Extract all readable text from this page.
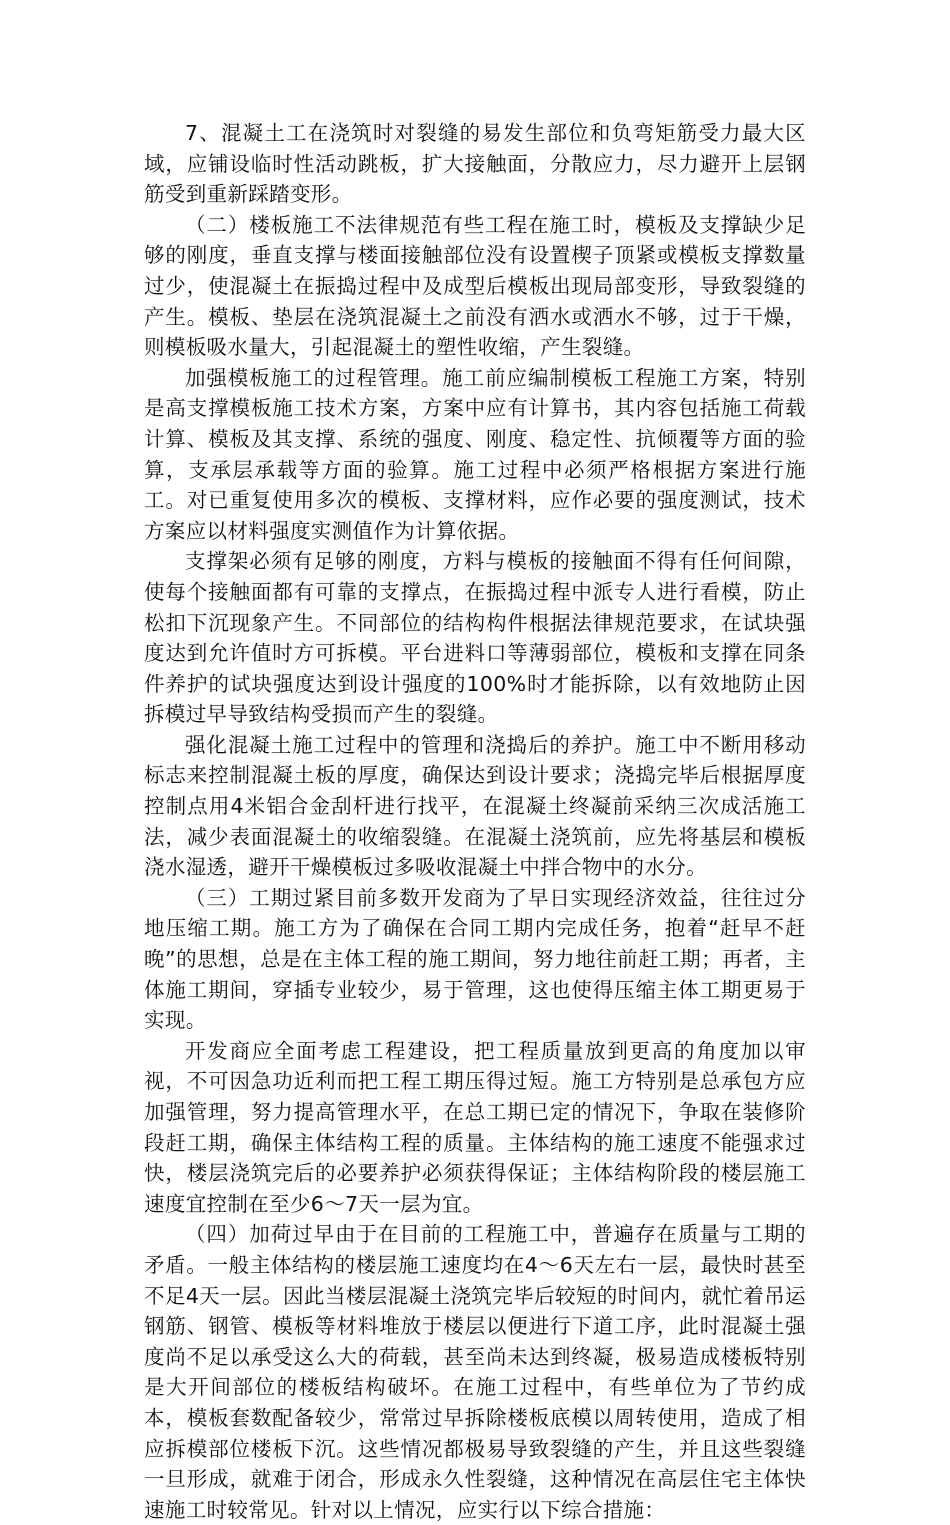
7、混凝土工在浇筑时对裂缝的易发生部位和负弯矩筋受力最大区域，应铺设临时性活动跳板，扩大接触面，分散应力，尽力避开上层钢筋受到重新踩踏变形。

（二）楼板施工不法律规范有些工程在施工时，模板及支撑缺少足够的刚度，垂直支撑与楼面接触部位没有设置楔子顶紧或模板支撑数量过少，使混凝土在振捣过程中及成型后模板出现局部变形，导致裂缝的产生。模板、垫层在浇筑混凝土之前没有洒水或洒水不够，过于干燥，则模板吸水量大，引起混凝土的塑性收缩，产生裂缝。

加强模板施工的过程管理。施工前应编制模板工程施工方案，特别是高支撑模板施工技术方案，方案中应有计算书，其内容包括施工荷载计算、模板及其支撑、系统的强度、刚度、稳定性、抗倾覆等方面的验算，支承层承载等方面的验算。施工过程中必须严格根据方案进行施工。对已重复使用多次的模板、支撑材料，应作必要的强度测试，技术方案应以材料强度实测值作为计算依据。

支撑架必须有足够的刚度，方料与模板的接触面不得有任何间隙，使每个接触面都有可靠的支撑点，在振捣过程中派专人进行看模，防止松扣下沉现象产生。不同部位的结构构件根据法律规范要求，在试块强度达到允许值时方可拆模。平台进料口等薄弱部位，模板和支撑在同条件养护的试块强度达到设计强度的100%时才能拆除，以有效地防止因拆模过早导致结构受损而产生的裂缝。

强化混凝土施工过程中的管理和浇捣后的养护。施工中不断用移动标志来控制混凝土板的厚度，确保达到设计要求；浇捣完毕后根据厚度控制点用4米铝合金刮杆进行找平，在混凝土终凝前采纳三次成活施工法，减少表面混凝土的收缩裂缝。在混凝土浇筑前，应先将基层和模板浇水湿透，避开干燥模板过多吸收混凝土中拌合物中的水分。

（三）工期过紧目前多数开发商为了早日实现经济效益，往往过分地压缩工期。施工方为了确保在合同工期内完成任务，抱着“赶早不赶晚”的思想，总是在主体工程的施工期间，努力地往前赶工期；再者，主体施工期间，穿插专业较少，易于管理，这也使得压缩主体工期更易于实现。

开发商应全面考虑工程建设，把工程质量放到更高的角度加以审视，不可因急功近利而把工程工期压得过短。施工方特别是总承包方应加强管理，努力提高管理水平，在总工期已定的情况下，争取在装修阶段赶工期，确保主体结构工程的质量。主体结构的施工速度不能强求过快，楼层浇筑完后的必要养护必须获得保证；主体结构阶段的楼层施工速度宜控制在至少6～7天一层为宜。

（四）加荷过早由于在目前的工程施工中，普遍存在质量与工期的矛盾。一般主体结构的楼层施工速度均在4～6天左右一层，最快时甚至不足4天一层。因此当楼层混凝土浇筑完毕后较短的时间内，就忙着吊运钢筋、钢管、模板等材料堆放于楼层以便进行下道工序，此时混凝土强度尚不足以承受这么大的荷载，甚至尚未达到终凝，极易造成楼板特别是大开间部位的楼板结构破坏。在施工过程中，有些单位为了节约成本，模板套数配备较少，常常过早拆除楼板底模以周转使用，造成了相应拆模部位楼板下沉。这些情况都极易导致裂缝的产生，并且这些裂缝一旦形成，就难于闭合，形成永久性裂缝，这种情况在高层住宅主体快速施工时较常见。针对以上情况，应实行以下综合措施：
